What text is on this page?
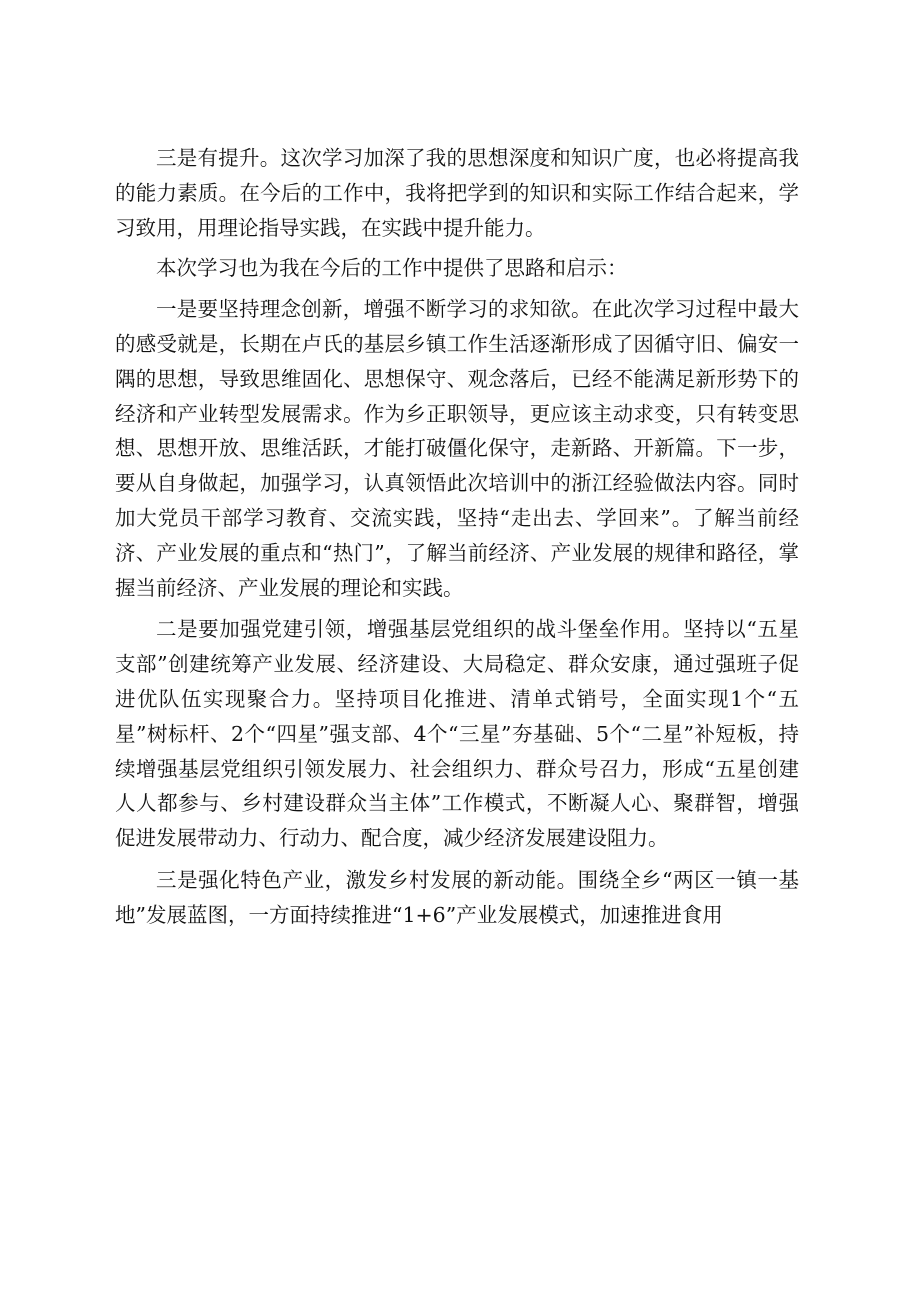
三是有提升。这次学习加深了我的思想深度和知识广度，也必将提高我的能力素质。在今后的工作中，我将把学到的知识和实际工作结合起来，学习致用，用理论指导实践，在实践中提升能力。

本次学习也为我在今后的工作中提供了思路和启示：

一是要坚持理念创新，增强不断学习的求知欲。在此次学习过程中最大的感受就是，长期在卢氏的基层乡镇工作生活逐渐形成了因循守旧、偏安一隅的思想，导致思维固化、思想保守、观念落后，已经不能满足新形势下的经济和产业转型发展需求。作为乡正职领导，更应该主动求变，只有转变思想、思想开放、思维活跃，才能打破僵化保守，走新路、开新篇。下一步，要从自身做起，加强学习，认真领悟此次培训中的浙江经验做法内容。同时加大党员干部学习教育、交流实践，坚持“走出去、学回来”。了解当前经济、产业发展的重点和“热门”，了解当前经济、产业发展的规律和路径，掌握当前经济、产业发展的理论和实践。

二是要加强党建引领，增强基层党组织的战斗堡垒作用。坚持以“五星支部”创建统筹产业发展、经济建设、大局稳定、群众安康，通过强班子促进优队伍实现聚合力。坚持项目化推进、清单式销号，全面实现1个“五星”树标杆、2个“四星”强支部、4个“三星”夯基础、5个“二星”补短板，持续增强基层党组织引领发展力、社会组织力、群众号召力，形成“五星创建人人都参与、乡村建设群众当主体”工作模式，不断凝人心、聚群智，增强促进发展带动力、行动力、配合度，减少经济发展建设阻力。

三是强化特色产业，激发乡村发展的新动能。围绕全乡“两区一镇一基地”发展蓝图，一方面持续推进“1+6”产业发展模式，加速推进食用
